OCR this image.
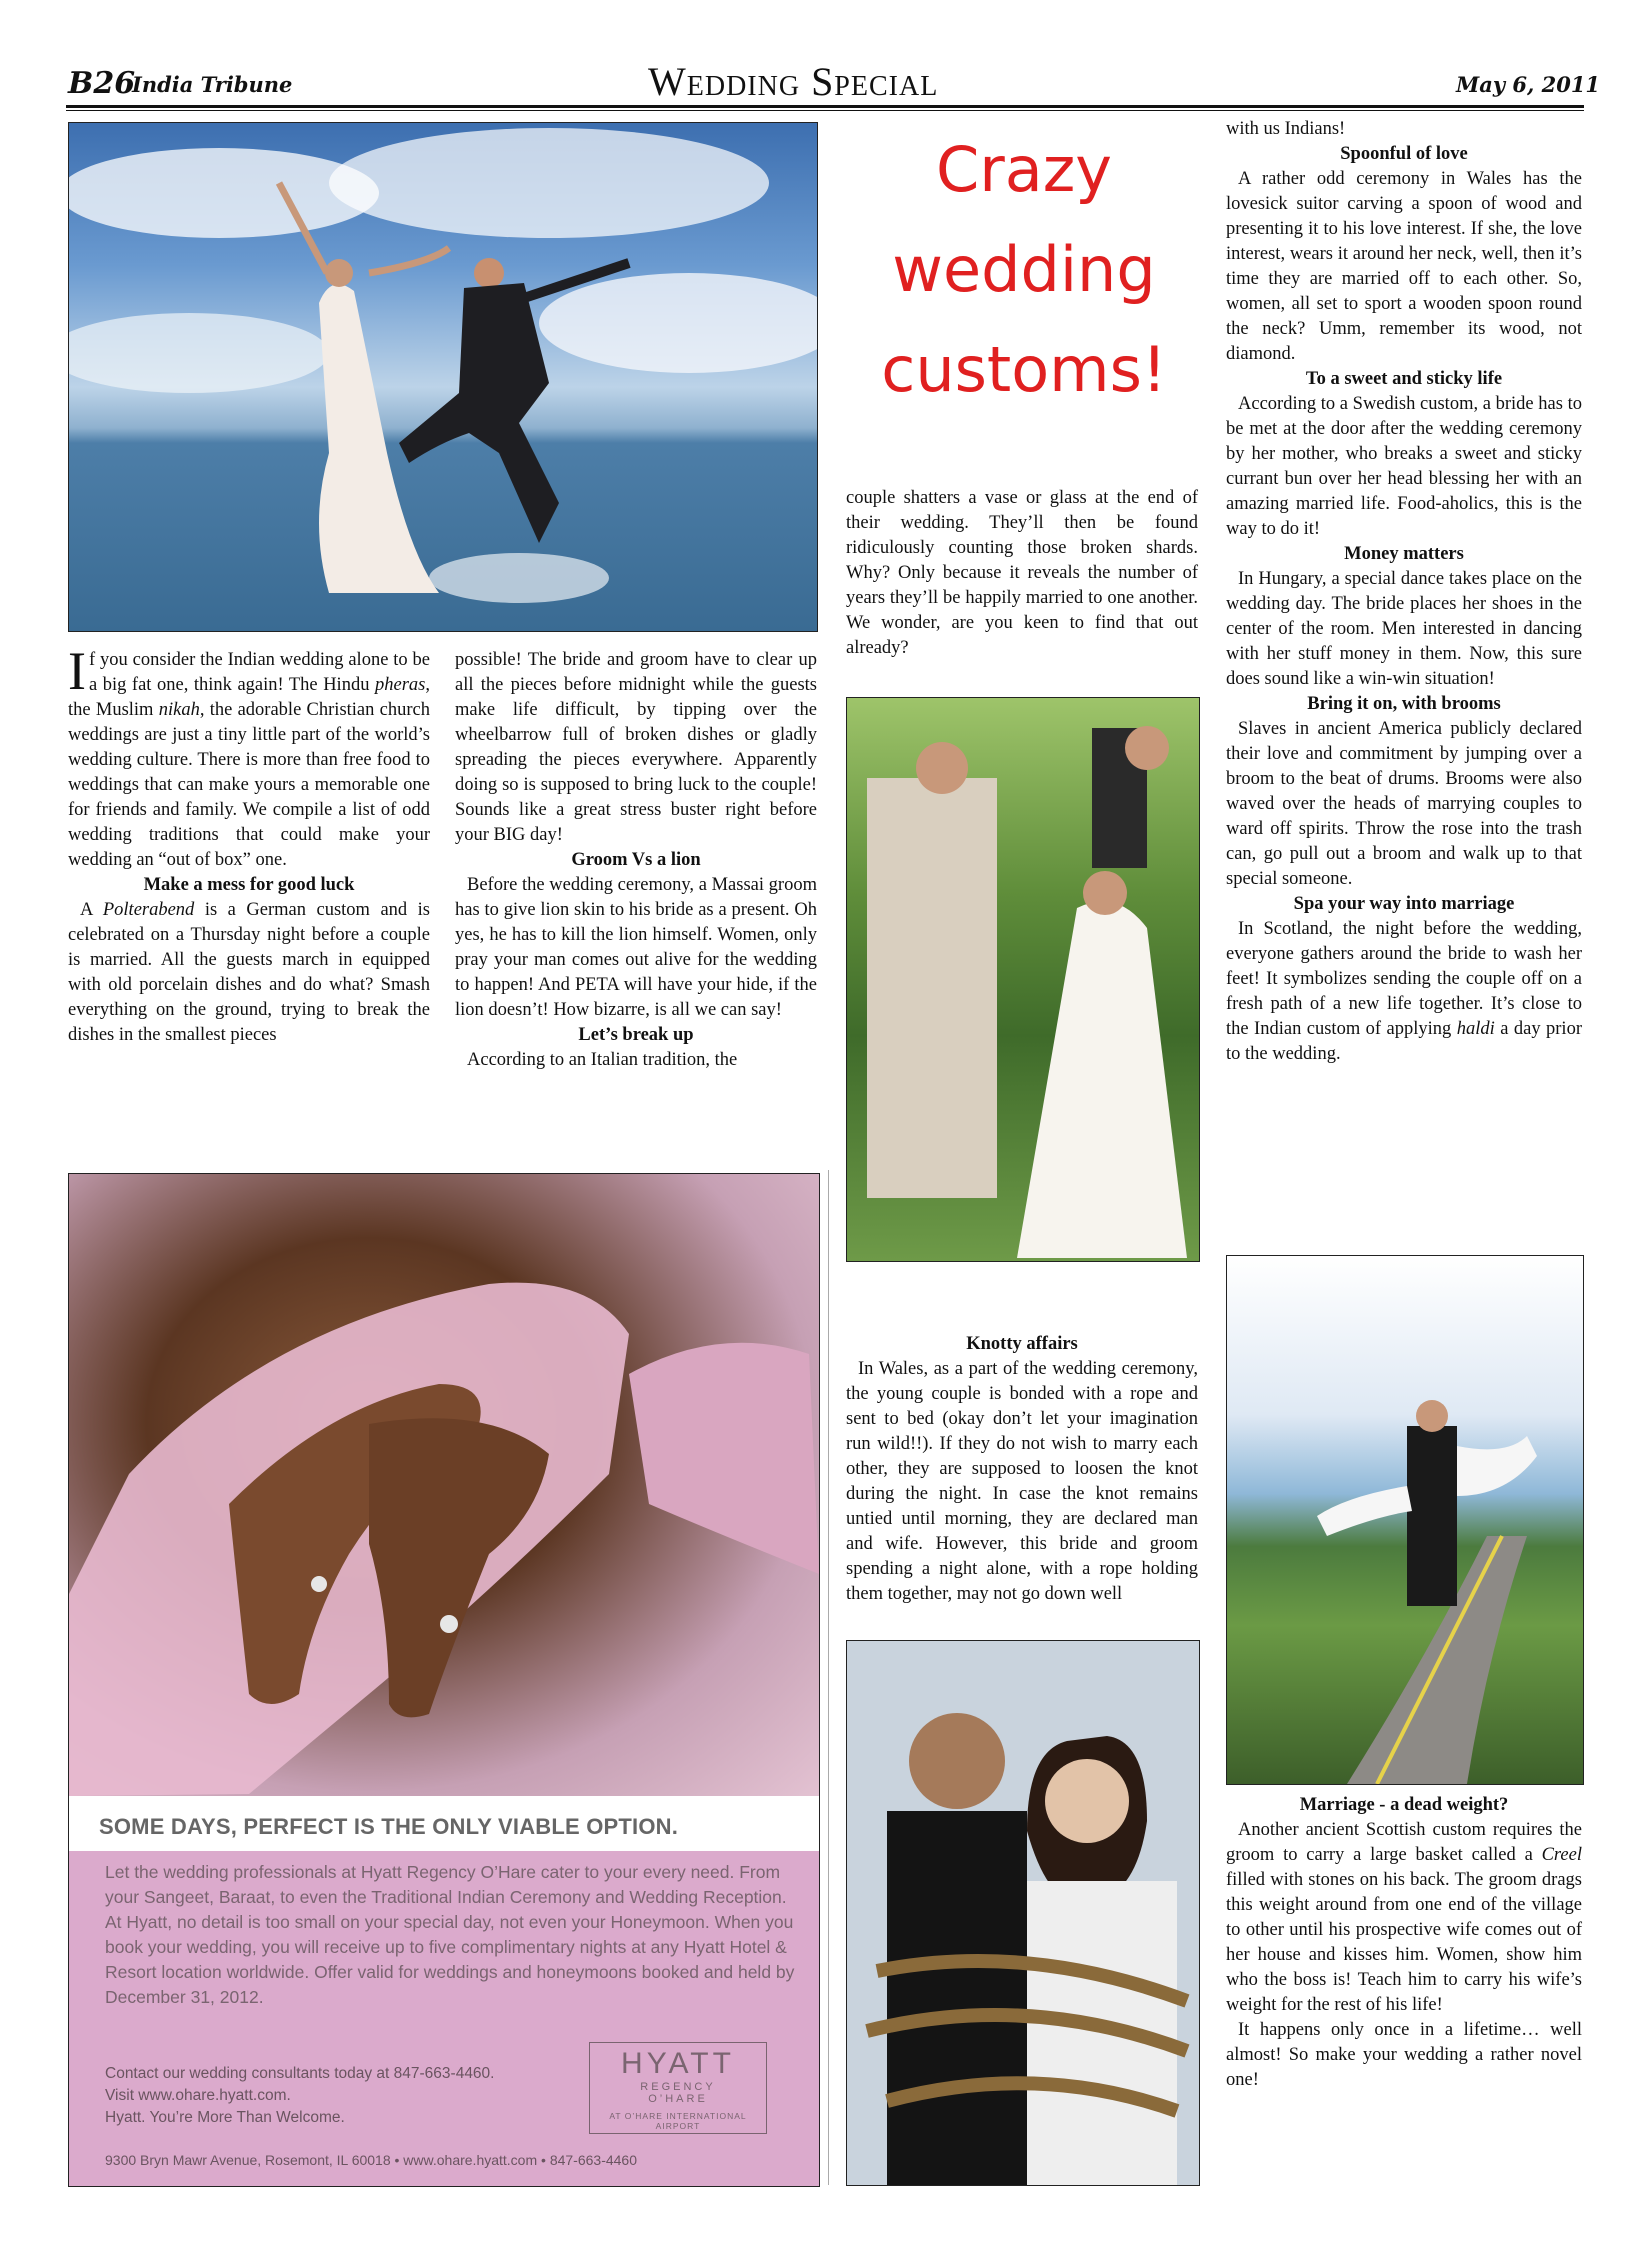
B26
India Tribune	Wedding Special	May 6, 2011
Crazy wedding customs!

If you consider the Indian wedding alone to be a big fat one, think again! The Hindu pheras, the Muslim nikah, the adorable Christian church weddings are just a tiny little part of the world’s wedding culture. There is more than free food to weddings that can make yours a memorable one for friends and family. We compile a list of odd wedding traditions that could make your wedding an “out of box” one.

Make a mess for good luck

A Polterabend is a German custom and is celebrated on a Thursday night before a couple is married. All the guests march in equipped with old porcelain dishes and do what? Smash everything on the ground, trying to break the dishes in the smallest pieces

possible! The bride and groom have to clear up all the pieces before midnight while the guests make life difficult, by tipping over the wheelbarrow full of broken dishes or gladly spreading the pieces everywhere. Apparently doing so is supposed to bring luck to the couple! Sounds like a great stress buster right before your BIG day!

Groom Vs a lion

Before the wedding ceremony, a Massai groom has to give lion skin to his bride as a present. Oh yes, he has to kill the lion himself. Women, only pray your man comes out alive for the wedding to happen! And PETA will have your hide, if the lion doesn’t! How bizarre, is all we can say!

Let’s break up

According to an Italian tradition, the

couple shatters a vase or glass at the end of their wedding. They’ll then be found ridiculously counting those broken shards. Why? Only because it reveals the number of years they’ll be happily married to one another. We wonder, are you keen to find that out already?

Knotty affairs

In Wales, as a part of the wedding ceremony, the young couple is bonded with a rope and sent to bed (okay don’t let your imagination run wild!!). If they do not wish to marry each other, they are supposed to loosen the knot during the night. In case the knot remains untied until morning, they are declared man and wife. However, this bride and groom spending a night alone, with a rope holding them together, may not go down well

with us Indians!

Spoonful of love

A rather odd ceremony in Wales has the lovesick suitor carving a spoon of wood and presenting it to his love interest. If she, the love interest, wears it around her neck, well, then it’s time they are married off to each other. So, women, all set to sport a wooden spoon round the neck? Umm, remember its wood, not diamond.

To a sweet and sticky life

According to a Swedish custom, a bride has to be met at the door after the wedding ceremony by her mother, who breaks a sweet and sticky currant bun over her head blessing her with an amazing married life. Food-aholics, this is the way to do it!

Money matters

In Hungary, a special dance takes place on the wedding day. The bride places her shoes in the center of the room. Men interested in dancing with her stuff money in them. Now, this sure does sound like a win-win situation!

Bring it on, with brooms

Slaves in ancient America publicly declared their love and commitment by jumping over a broom to the beat of drums. Brooms were also waved over the heads of marrying couples to ward off spirits. Throw the rose into the trash can, go pull out a broom and walk up to that special someone.

Spa your way into marriage

In Scotland, the night before the wedding, everyone gathers around the bride to wash her feet! It symbolizes sending the couple off on a fresh path of a new life together. It’s close to the Indian custom of applying haldi a day prior to the wedding.

Marriage - a dead weight?

Another ancient Scottish custom requires the groom to carry a large basket called a Creel filled with stones on his back. The groom drags this weight around from one end of the village to other until his prospective wife comes out of her house and kisses him. Women, show him who the boss is! Teach him to carry his wife’s weight for the rest of his life!

It happens only once in a lifetime… well almost! So make your wedding a rather novel one!

SOME DAYS, PERFECT IS THE ONLY VIABLE OPTION.
Let the wedding professionals at Hyatt Regency O’Hare cater to your every need. From your Sangeet, Baraat, to even the Traditional Indian Ceremony and Wedding Reception. At Hyatt, no detail is too small on your special day, not even your Honeymoon. When you book your wedding, you will receive up to five complimentary nights at any Hyatt Hotel & Resort location worldwide. Offer valid for weddings and honeymoons booked and held by December 31, 2012.
Contact our wedding consultants today at 847-663-4460.
Visit www.ohare.hyatt.com.
Hyatt. You’re More Than Welcome.
HYATT
REGENCY
O’HARE
AT O’HARE INTERNATIONAL AIRPORT
9300 Bryn Mawr Avenue, Rosemont, IL 60018 • www.ohare.hyatt.com • 847-663-4460
